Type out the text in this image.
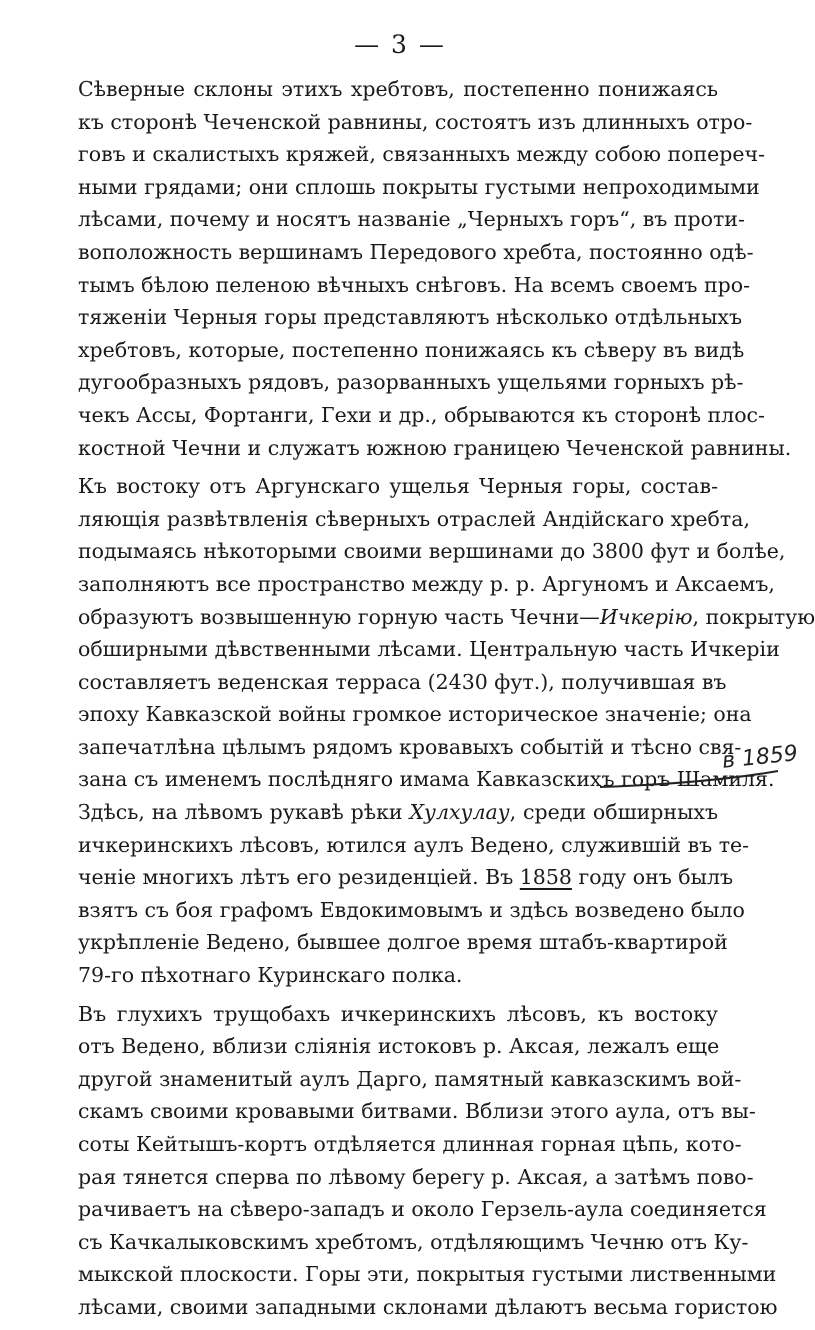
— 3 —
Сѣверные склоны этихъ хребтовъ, постепенно понижаясь
къ сторонѣ Чеченской равнины, состоятъ изъ длинныхъ отро-
говъ и скалистыхъ кряжей, связанныхъ между собою попереч-
ными грядами; они сплошь покрыты густыми непроходимыми
лѣсами, почему и носятъ названіе „Черныхъ горъ“, въ проти-
воположность вершинамъ Передового хребта, постоянно одѣ-
тымъ бѣлою пеленою вѣчныхъ снѣговъ. На всемъ своемъ про-
тяженіи Черныя горы представляютъ нѣсколько отдѣльныхъ
хребтовъ, которые, постепенно понижаясь къ сѣверу въ видѣ
дугообразныхъ рядовъ, разорванныхъ ущельями горныхъ рѣ-
чекъ Ассы, Фортанги, Гехи и др., обрываются къ сторонѣ плос-
костной Чечни и служатъ южною границею Чеченской равнины.
Къ востоку отъ Аргунскаго ущелья Черныя горы, состав-
ляющія развѣтвленія сѣверныхъ отраслей Андійскаго хребта,
подымаясь нѣкоторыми своими вершинами до 3800 фут и болѣе,
заполняютъ все пространство между р. р. Аргуномъ и Аксаемъ,
образуютъ возвышенную горную часть Чечни—Ичкерію, покрытую
обширными дѣвственными лѣсами. Центральную часть Ичкеріи
составляетъ веденская терраса (2430 фут.), получившая въ
эпоху Кавказской войны громкое историческое значеніе; она
запечатлѣна цѣлымъ рядомъ кровавыхъ событій и тѣсно свя-
зана съ именемъ послѣдняго имама Кавказскихъ горъ Шамиля.
Здѣсь, на лѣвомъ рукавѣ рѣки Хулхулау, среди обширныхъ
ичкеринскихъ лѣсовъ, ютился аулъ Ведено, служившій въ те-
ченіе многихъ лѣтъ его резиденціей. Въ 1858 году онъ былъ
взятъ съ боя графомъ Евдокимовымъ и здѣсь возведено было
укрѣпленіе Ведено, бывшее долгое время штабъ-квартирой
79-го пѣхотнаго Куринскаго полка.
Въ глухихъ трущобахъ ичкеринскихъ лѣсовъ, къ востоку
отъ Ведено, вблизи сліянія истоковъ р. Аксая, лежалъ еще
другой знаменитый аулъ Дарго, памятный кавказскимъ вой-
скамъ своими кровавыми битвами. Вблизи этого аула, отъ вы-
соты Кейтышъ-кортъ отдѣляется длинная горная цѣпь, кото-
рая тянется сперва по лѣвому берегу р. Аксая, а затѣмъ пово-
рачиваетъ на сѣверо-западъ и около Герзель-аула соединяется
съ Качкалыковскимъ хребтомъ, отдѣляющимъ Чечню отъ Ку-
мыкской плоскости. Горы эти, покрытыя густыми лиственными
лѣсами, своими западными склонами дѣлаютъ весьма гористою
в 1859
